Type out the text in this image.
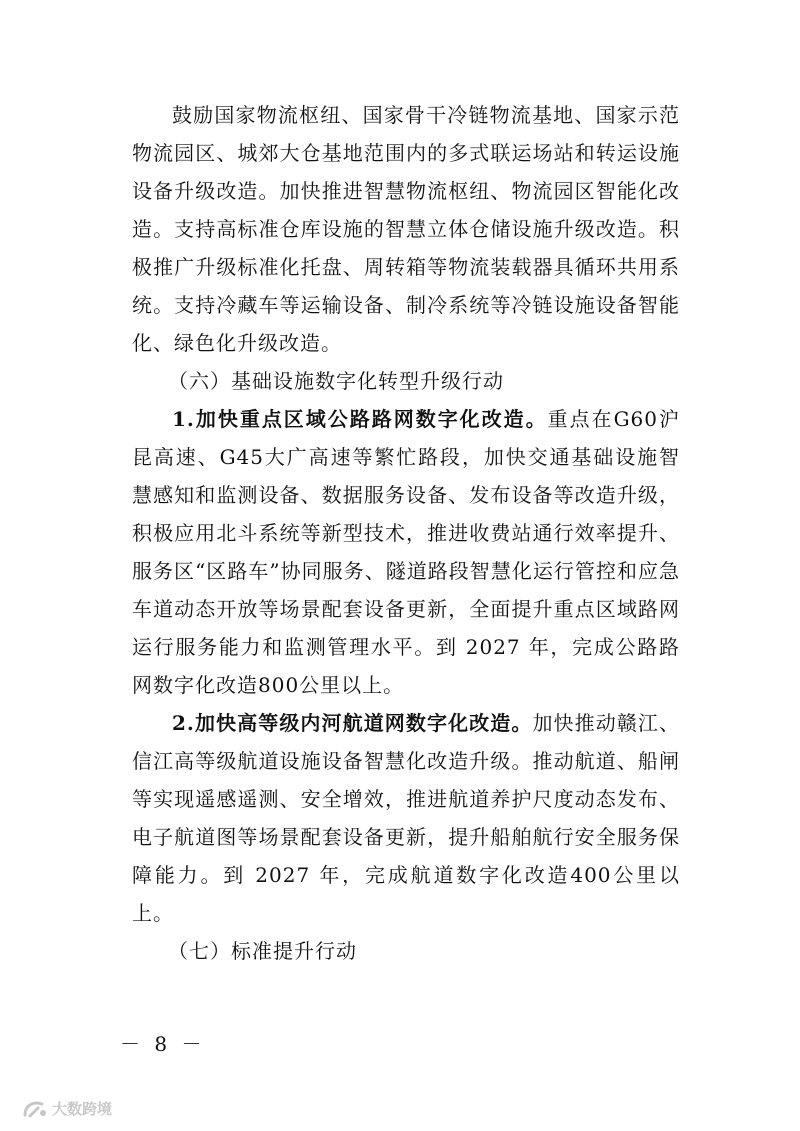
鼓励国家物流枢纽、国家骨干冷链物流基地、国家示范物流园区、城郊大仓基地范围内的多式联运场站和转运设施设备升级改造。加快推进智慧物流枢纽、物流园区智能化改造。支持高标准仓库设施的智慧立体仓储设施升级改造。积极推广升级标准化托盘、周转箱等物流装载器具循环共用系统。支持冷藏车等运输设备、制冷系统等冷链设施设备智能化、绿色化升级改造。

（六）基础设施数字化转型升级行动

1.加快重点区域公路路网数字化改造。重点在G60沪昆高速、G45大广高速等繁忙路段，加快交通基础设施智慧感知和监测设备、数据服务设备、发布设备等改造升级，积极应用北斗系统等新型技术，推进收费站通行效率提升、服务区“区路车”协同服务、隧道路段智慧化运行管控和应急车道动态开放等场景配套设备更新，全面提升重点区域路网运行服务能力和监测管理水平。到 2027 年，完成公路路网数字化改造800公里以上。

2.加快高等级内河航道网数字化改造。加快推动赣江、信江高等级航道设施设备智慧化改造升级。推动航道、船闸等实现遥感遥测、安全增效，推进航道养护尺度动态发布、电子航道图等场景配套设备更新，提升船舶航行安全服务保障能力。到 2027 年，完成航道数字化改造400公里以上。

（七）标准提升行动

－ 8 －
大数跨境
